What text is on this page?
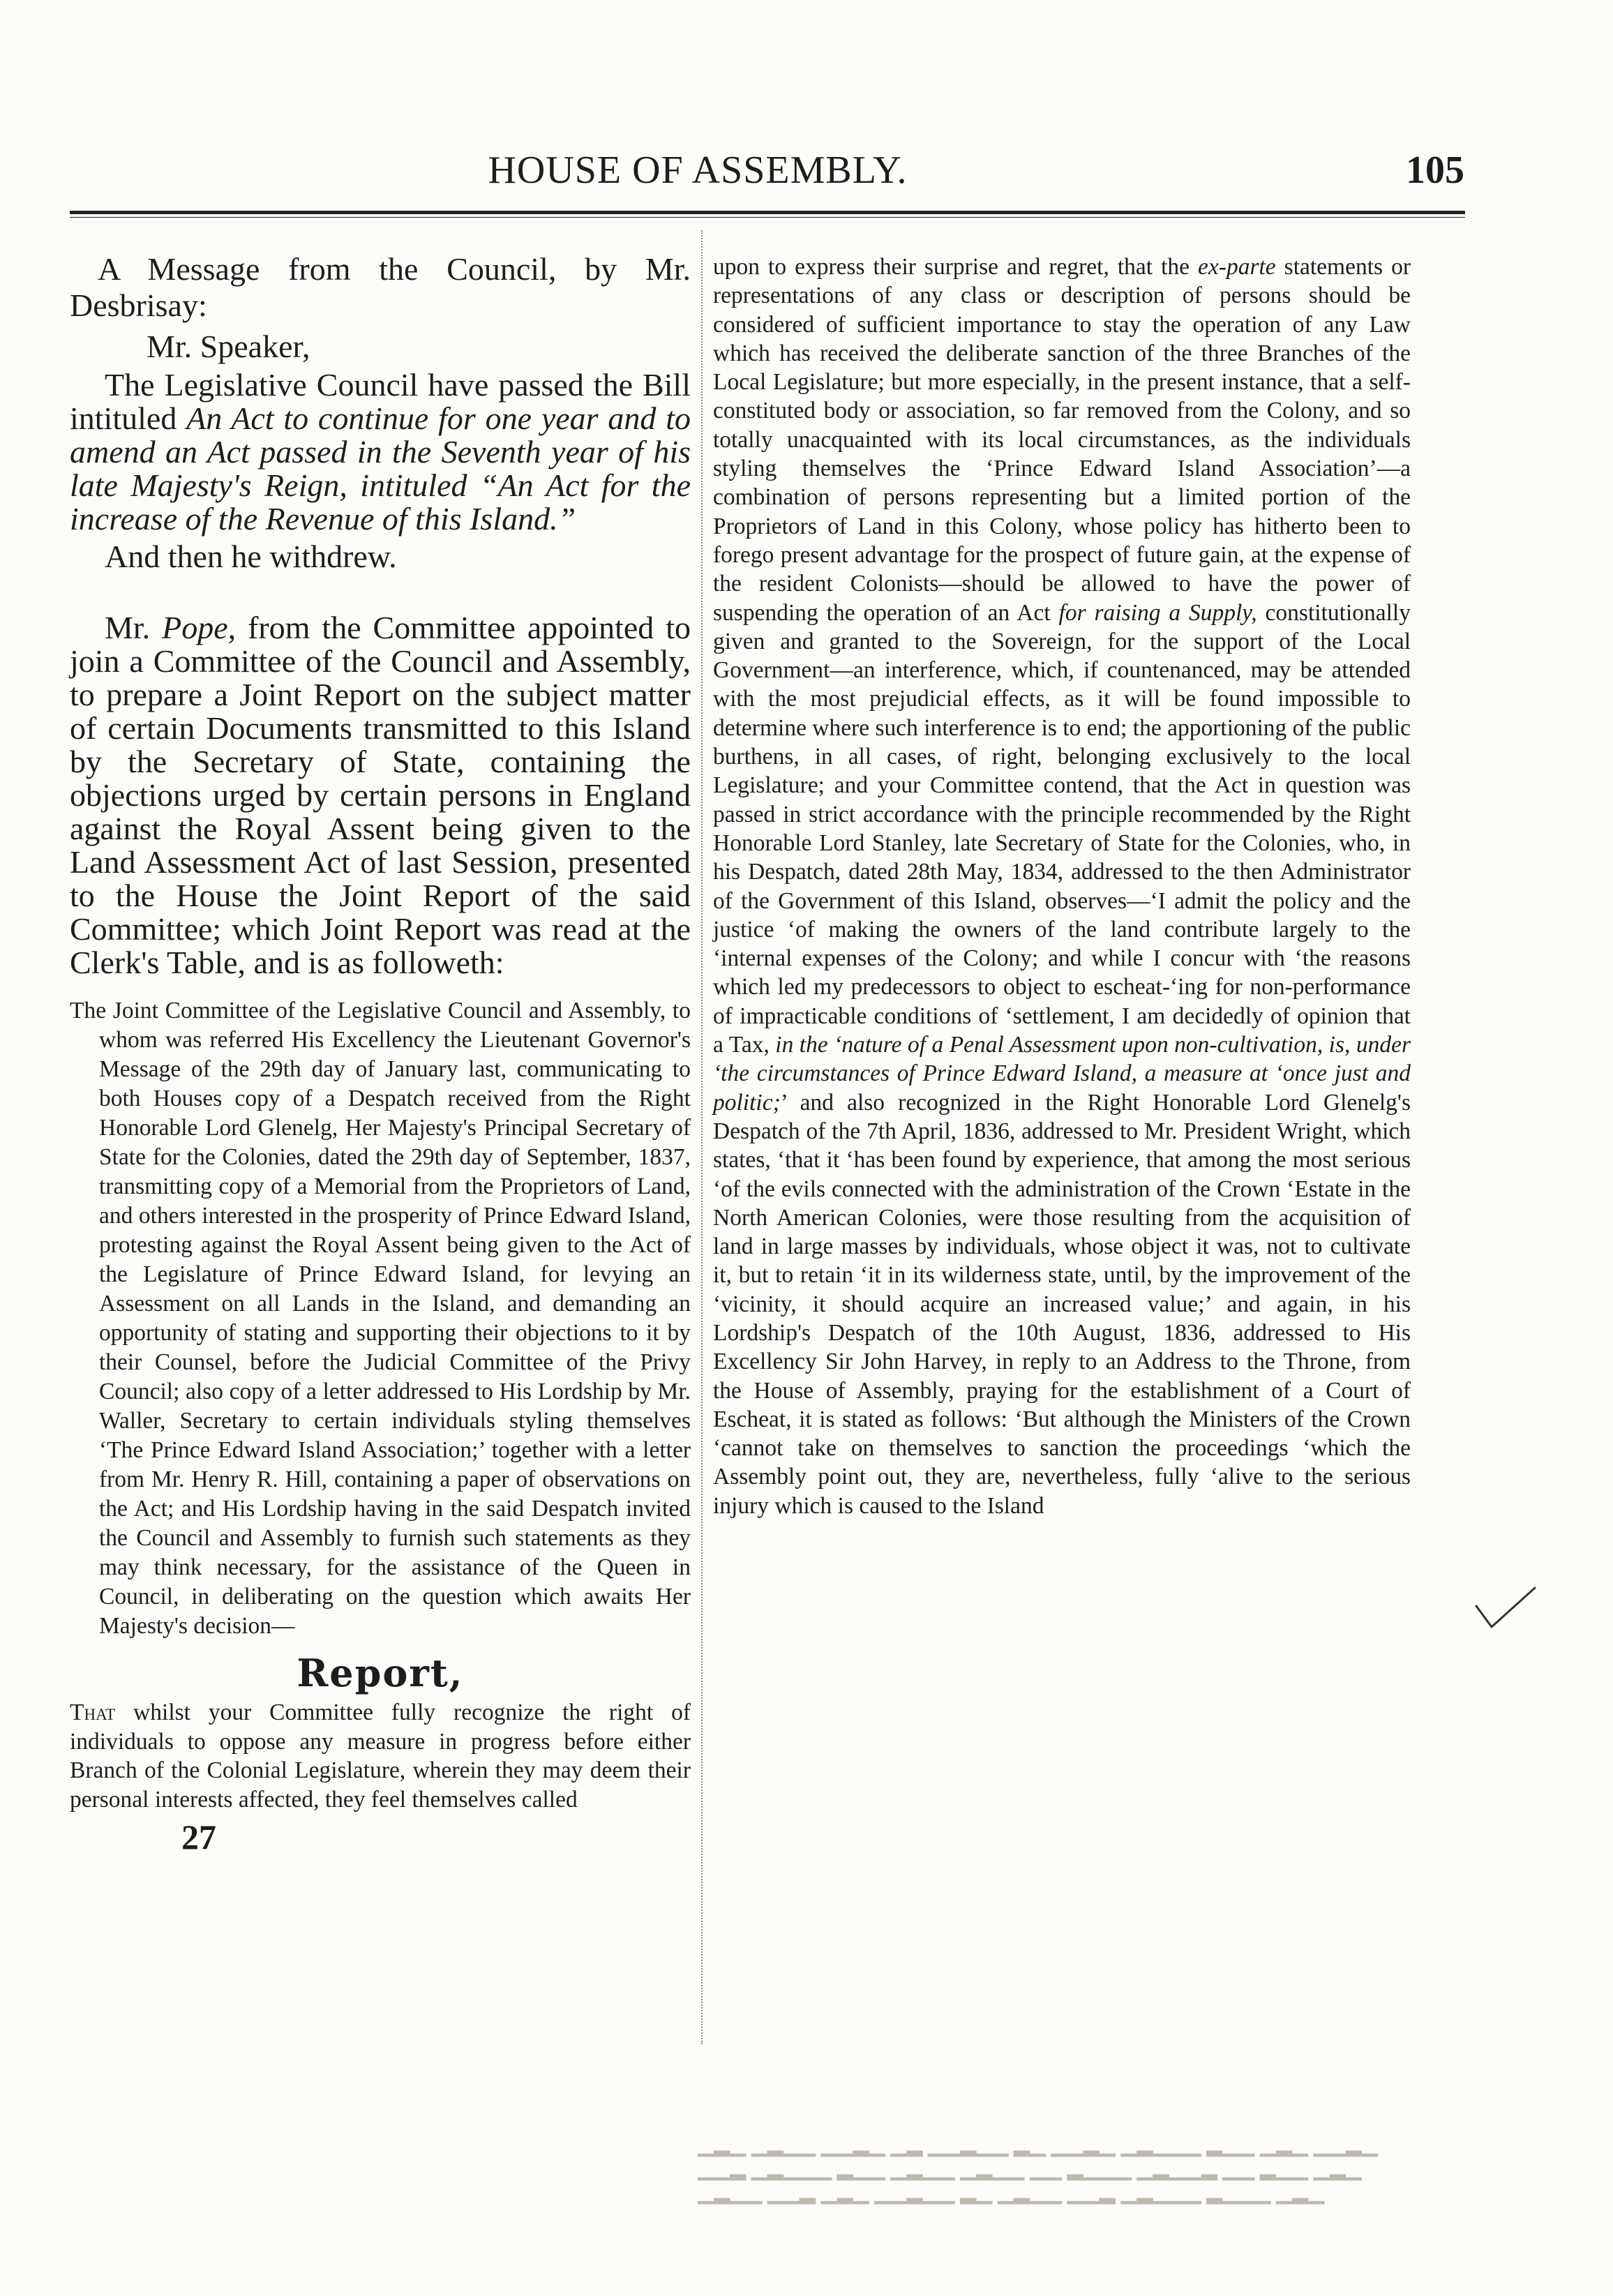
HOUSE OF ASSEMBLY.	105

A Message from the Council, by Mr. Desbrisay:

Mr. Speaker,

The Legislative Council have passed the Bill intituled An Act to continue for one year and to amend an Act passed in the Seventh year of his late Majesty's Reign, intituled “An Act for the increase of the Revenue of this Island.”

And then he withdrew.

Mr. Pope, from the Committee appointed to join a Committee of the Council and Assembly, to prepare a Joint Report on the subject matter of certain Documents transmitted to this Island by the Secretary of State, containing the objections urged by certain persons in England against the Royal Assent being given to the Land Assessment Act of last Session, presented to the House the Joint Report of the said Committee; which Joint Report was read at the Clerk's Table, and is as followeth:

The Joint Committee of the Legislative Council and Assembly, to whom was referred His Excellency the Lieutenant Governor's Message of the 29th day of January last, communicating to both Houses copy of a Despatch received from the Right Honorable Lord Glenelg, Her Majesty's Principal Secretary of State for the Colonies, dated the 29th day of September, 1837, transmitting copy of a Memorial from the Proprietors of Land, and others interested in the prosperity of Prince Edward Island, protesting against the Royal Assent being given to the Act of the Legislature of Prince Edward Island, for levying an Assessment on all Lands in the Island, and demanding an opportunity of stating and supporting their objections to it by their Counsel, before the Judicial Committee of the Privy Council; also copy of a letter addressed to His Lordship by Mr. Waller, Secretary to certain individuals styling themselves ‘The Prince Edward Island Association;’ together with a letter from Mr. Henry R. Hill, containing a paper of observations on the Act; and His Lordship having in the said Despatch invited the Council and Assembly to furnish such statements as they may think necessary, for the assistance of the Queen in Council, in deliberating on the question which awaits Her Majesty's decision—

Report,

That whilst your Committee fully recognize the right of individuals to oppose any measure in progress before either Branch of the Colonial Legislature, wherein they may deem their personal interests affected, they feel themselves called

27

upon to express their surprise and regret, that the ex-parte statements or representations of any class or description of persons should be considered of sufficient importance to stay the operation of any Law which has received the deliberate sanction of the three Branches of the Local Legislature; but more especially, in the present instance, that a self-constituted body or association, so far removed from the Colony, and so totally unacquainted with its local circumstances, as the individuals styling themselves the ‘Prince Edward Island Association’—a combination of persons representing but a limited portion of the Proprietors of Land in this Colony, whose policy has hitherto been to forego present advantage for the prospect of future gain, at the expense of the resident Colonists—should be allowed to have the power of suspending the operation of an Act for raising a Supply, constitutionally given and granted to the Sovereign, for the support of the Local Government—an interference, which, if countenanced, may be attended with the most prejudicial effects, as it will be found impossible to determine where such interference is to end; the apportioning of the public burthens, in all cases, of right, belonging exclusively to the local Legislature; and your Committee contend, that the Act in question was passed in strict accordance with the principle recommended by the Right Honorable Lord Stanley, late Secretary of State for the Colonies, who, in his Despatch, dated 28th May, 1834, addressed to the then Administrator of the Government of this Island, observes—‘I admit the policy and the justice ‘of making the owners of the land contribute largely to the ‘internal expenses of the Colony; and while I concur with ‘the reasons which led my predecessors to object to escheat-‘ing for non-performance of impracticable conditions of ‘settlement, I am decidedly of opinion that a Tax, in the ‘nature of a Penal Assessment upon non-cultivation, is, under ‘the circumstances of Prince Edward Island, a measure at ‘once just and politic;’ and also recognized in the Right Honorable Lord Glenelg's Despatch of the 7th April, 1836, addressed to Mr. President Wright, which states, ‘that it ‘has been found by experience, that among the most serious ‘of the evils connected with the administration of the Crown ‘Estate in the North American Colonies, were those resulting from the acquisition of land in large masses by individuals, whose object it was, not to cultivate it, but to retain ‘it in its wilderness state, until, by the improvement of the ‘vicinity, it should acquire an increased value;’ and again, in his Lordship's Despatch of the 10th August, 1836, addressed to His Excellency Sir John Harvey, in reply to an Address to the Throne, from the House of Assembly, praying for the establishment of a Court of Escheat, it is stated as follows: ‘But although the Ministers of the Crown ‘cannot take on themselves to sanction the proceedings ‘which the Assembly point out, they are, nevertheless, fully ‘alive to the serious injury which is caused to the Island

▁▂▁ ▁▂▁▁ ▁▁▂▁ ▁▂ ▁▁▂▁▁ ▂▁ ▁▁▂▁ ▁▂▁▁▁ ▂▁▁ ▁▂▁ ▁▁▂▁
▁▁▂ ▁▂▁▁▁ ▂▁▁ ▁▂▁▁ ▁▂▁▁ ▁▁ ▂▁▁▁ ▁▂▁▁▂ ▁▁ ▂▁▁ ▁▂▁
▁▂▁▁ ▁▁▂ ▁▂▁ ▁▁▂▁▁ ▂▁ ▁▂▁▁ ▁▁▂ ▁▂▁▁▁ ▂▁▁▁ ▁▂▁
